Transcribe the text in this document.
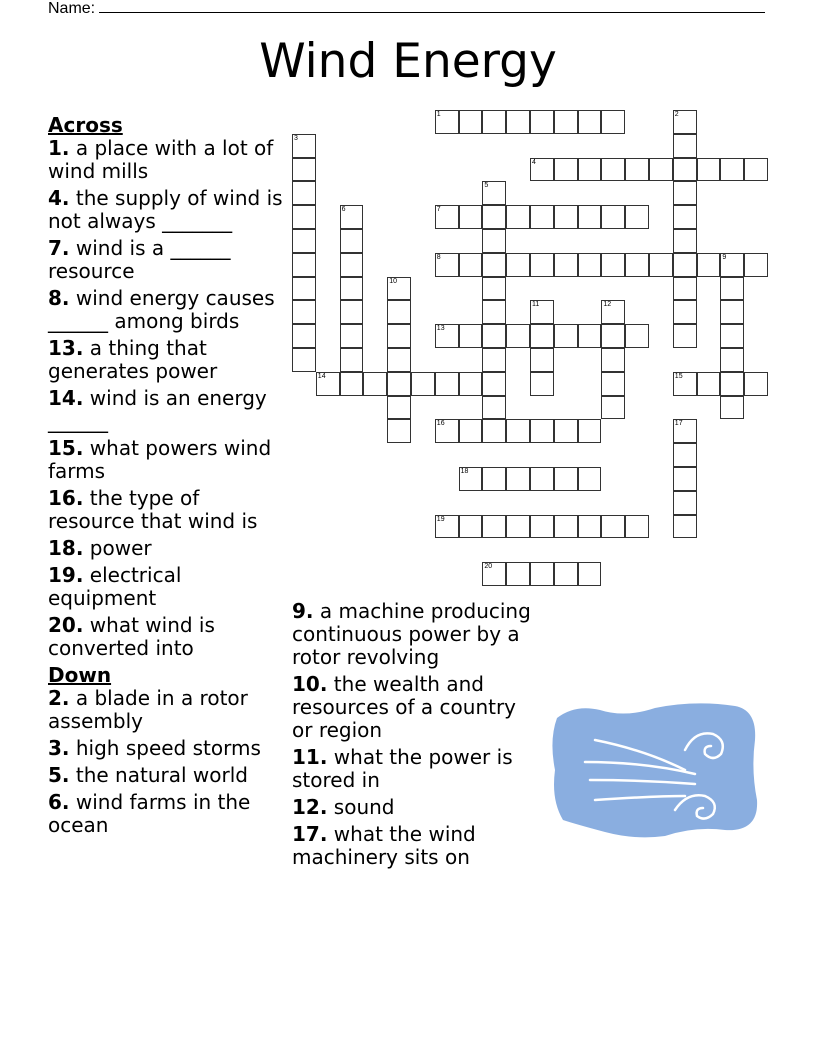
Name:
Wind Energy
Across
1. a place with a lot of wind mills
4. the supply of wind is not always _______
7. wind is a ______ resource
8. wind energy causes ______ among birds
13. a thing that generates power
14. wind is an energy ______
15. what powers wind farms
16. the type of resource that wind is
18. power
19. electrical equipment
20. what wind is converted into
Down
2. a blade in a rotor assembly
3. high speed storms
5. the natural world
6. wind farms in the ocean
9. a machine producing continuous power by a rotor revolving
10. the wealth and resources of a country or region
11. what the power is stored in
12. sound
17. what the wind machinery sits on
1	2
3
4
5
6	7
8	9
10
11	12
13
14	15
16	17
18
19
20
